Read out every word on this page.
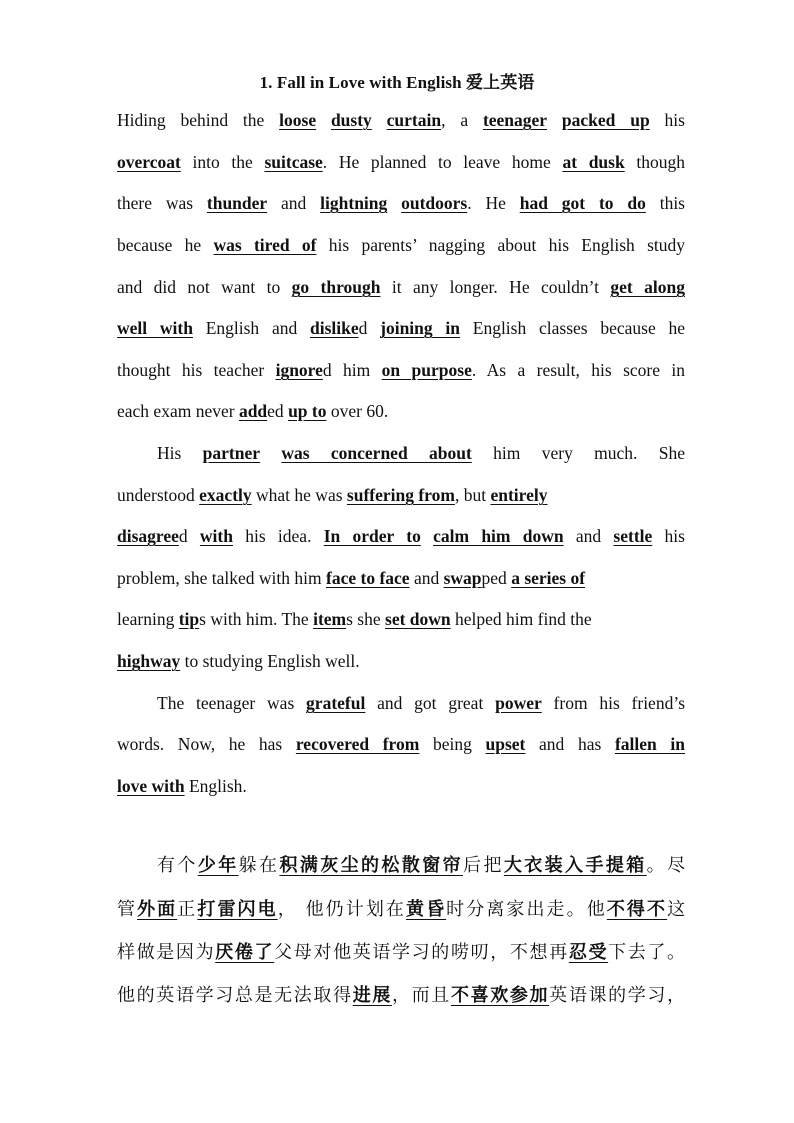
1. Fall in Love with English 爱上英语
Hiding behind the loose dusty curtain, a teenager packed up his
overcoat into the suitcase. He planned to leave home at dusk though
there was thunder and lightning outdoors. He had got to do this
because he was tired of his parents’ nagging about his English study
and did not want to go through it any longer. He couldn’t get along
well with English and disliked joining in English classes because he
thought his teacher ignored him on purpose. As a result, his score in
each exam never added up to over 60.
His partner was concerned about him very much. She
understood exactly what he was suffering from, but entirely
disagreed with his idea. In order to calm him down and settle his
problem, she talked with him face to face and swapped a series of
learning tips with him. The items she set down helped him find the
highway to studying English well.
The teenager was grateful and got great power from his friend’s
words. Now, he has recovered from being upset and has fallen in
love with English.
有个少年躲在积满灰尘的松散窗帘后把大衣装入手提箱。尽
管外面正打雷闪电， 他仍计划在黄昏时分离家出走。他不得不这
样做是因为厌倦了父母对他英语学习的唠叨，不想再忍受下去了。
他的英语学习总是无法取得进展，而且不喜欢参加英语课的学习，
